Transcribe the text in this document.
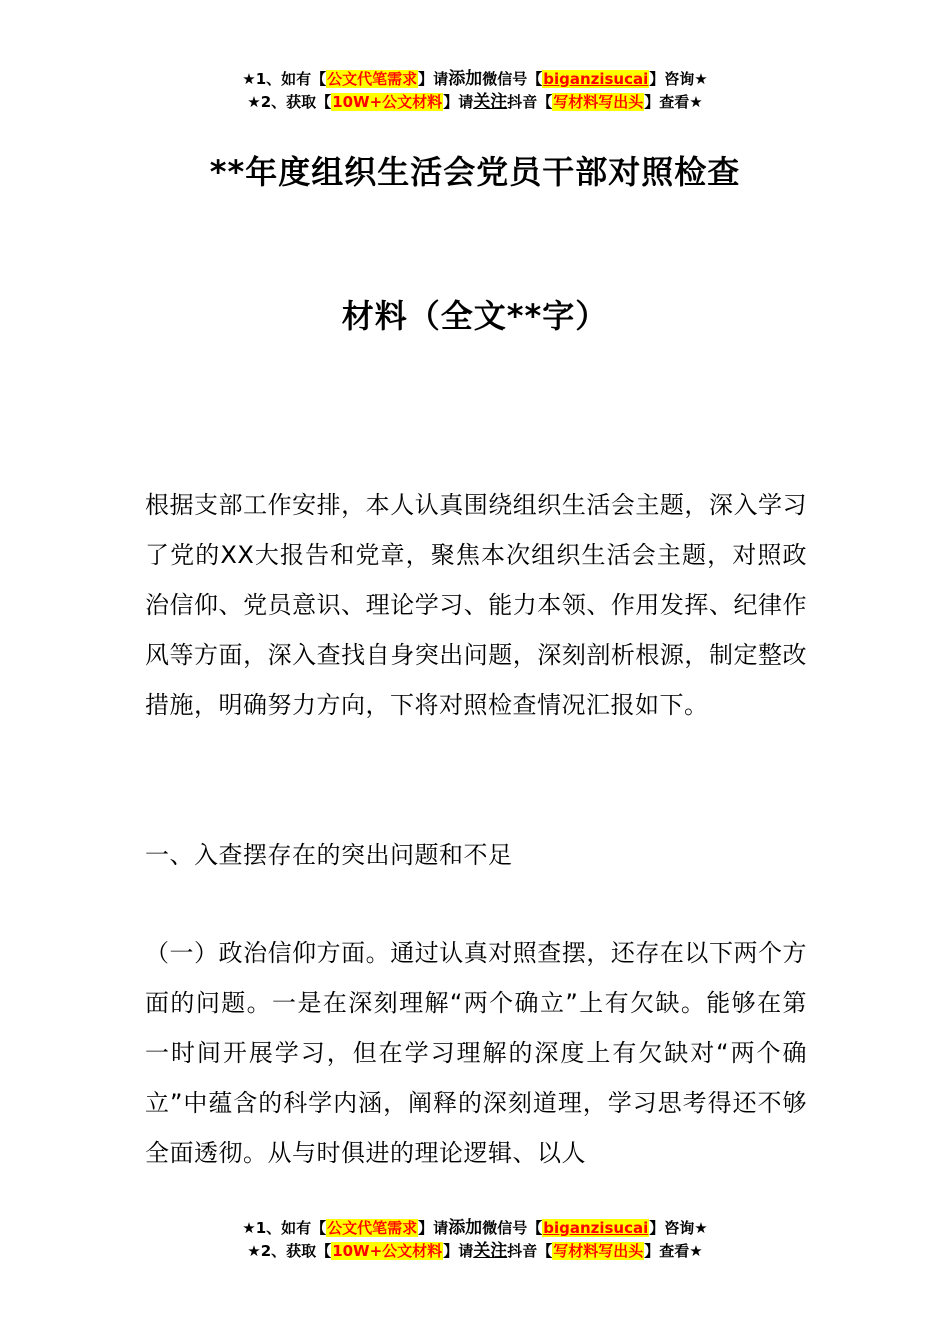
★1、如有【公文代笔需求】请添加微信号【biganzisucai】咨询★
★2、获取【10W+公文材料】请关注抖音【写材料写出头】查看★
**年度组织生活会党员干部对照检查
材料（全文**字）

根据支部工作安排，本人认真围绕组织生活会主题，深入学习了党的XX大报告和党章，聚焦本次组织生活会主题，对照政治信仰、党员意识、理论学习、能力本领、作用发挥、纪律作风等方面，深入查找自身突出问题，深刻剖析根源，制定整改措施，明确努力方向，下将对照检查情况汇报如下。

一、入查摆存在的突出问题和不足

（一）政治信仰方面。通过认真对照查摆，还存在以下两个方面的问题。一是在深刻理解“两个确立”上有欠缺。能够在第一时间开展学习，但在学习理解的深度上有欠缺对“两个确立”中蕴含的科学内涵，阐释的深刻道理，学习思考得还不够全面透彻。从与时俱进的理论逻辑、以人

★1、如有【公文代笔需求】请添加微信号【biganzisucai】咨询★
★2、获取【10W+公文材料】请关注抖音【写材料写出头】查看★
